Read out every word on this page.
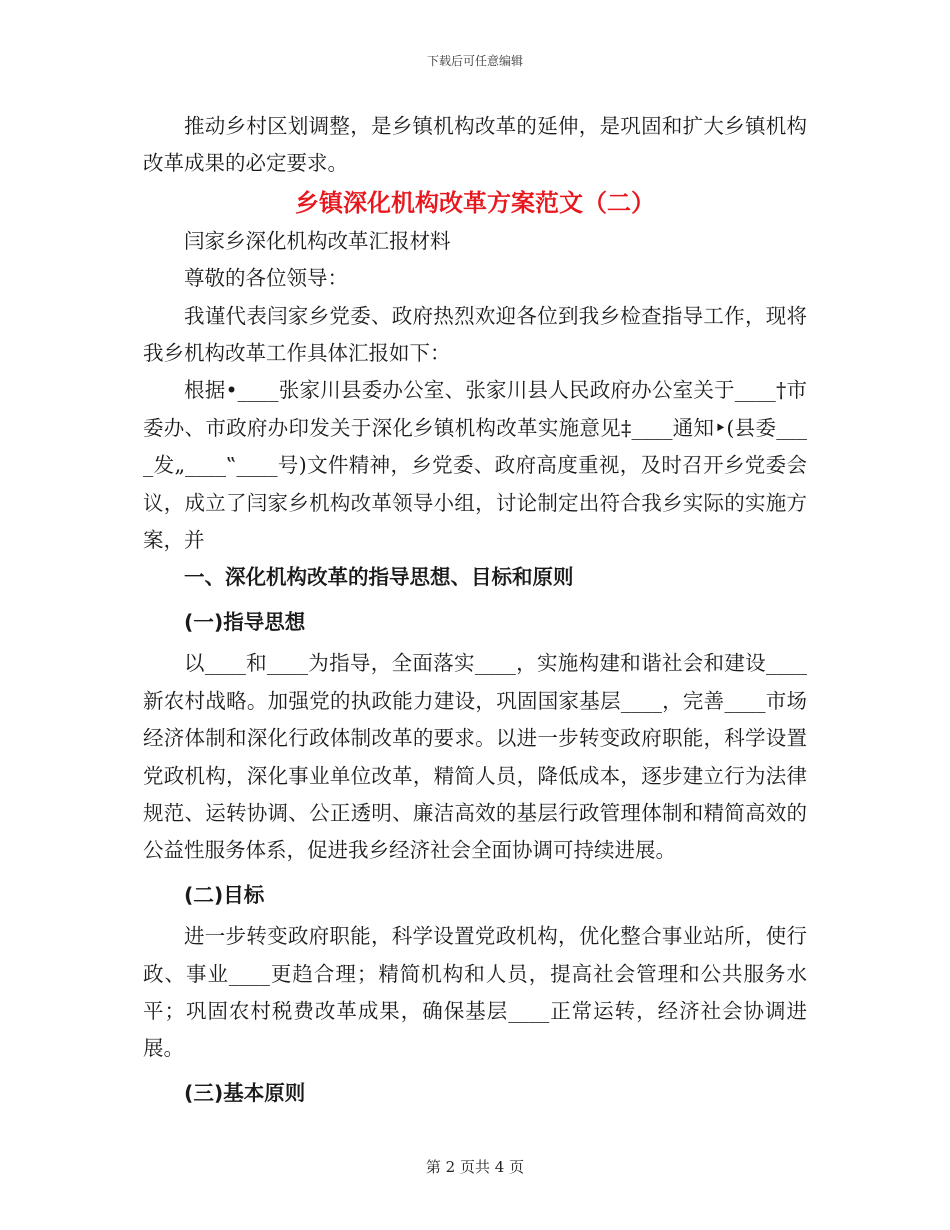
下载后可任意编辑

推动乡村区划调整，是乡镇机构改革的延伸，是巩固和扩大乡镇机构改革成果的必定要求。

乡镇深化机构改革方案范文（二）

闫家乡深化机构改革汇报材料

尊敬的各位领导：

我谨代表闫家乡党委、政府热烈欢迎各位到我乡检查指导工作，现将我乡机构改革工作具体汇报如下：

根据•____张家川县委办公室、张家川县人民政府办公室关于____†市委办、市政府办印发关于深化乡镇机构改革实施意见‡____通知‣(县委____发„____‟____号)文件精神，乡党委、政府高度重视，及时召开乡党委会议，成立了闫家乡机构改革领导小组，讨论制定出符合我乡实际的实施方案，并

一、深化机构改革的指导思想、目标和原则

(一)指导思想

以____和____为指导，全面落实____，实施构建和谐社会和建设____新农村战略。加强党的执政能力建设，巩固国家基层____，完善____市场经济体制和深化行政体制改革的要求。以进一步转变政府职能，科学设置党政机构，深化事业单位改革，精简人员，降低成本，逐步建立行为法律规范、运转协调、公正透明、廉洁高效的基层行政管理体制和精简高效的公益性服务体系，促进我乡经济社会全面协调可持续进展。

(二)目标

进一步转变政府职能，科学设置党政机构，优化整合事业站所，使行政、事业____更趋合理；精简机构和人员，提高社会管理和公共服务水平；巩固农村税费改革成果，确保基层____正常运转，经济社会协调进展。

(三)基本原则

第 2 页共 4 页
